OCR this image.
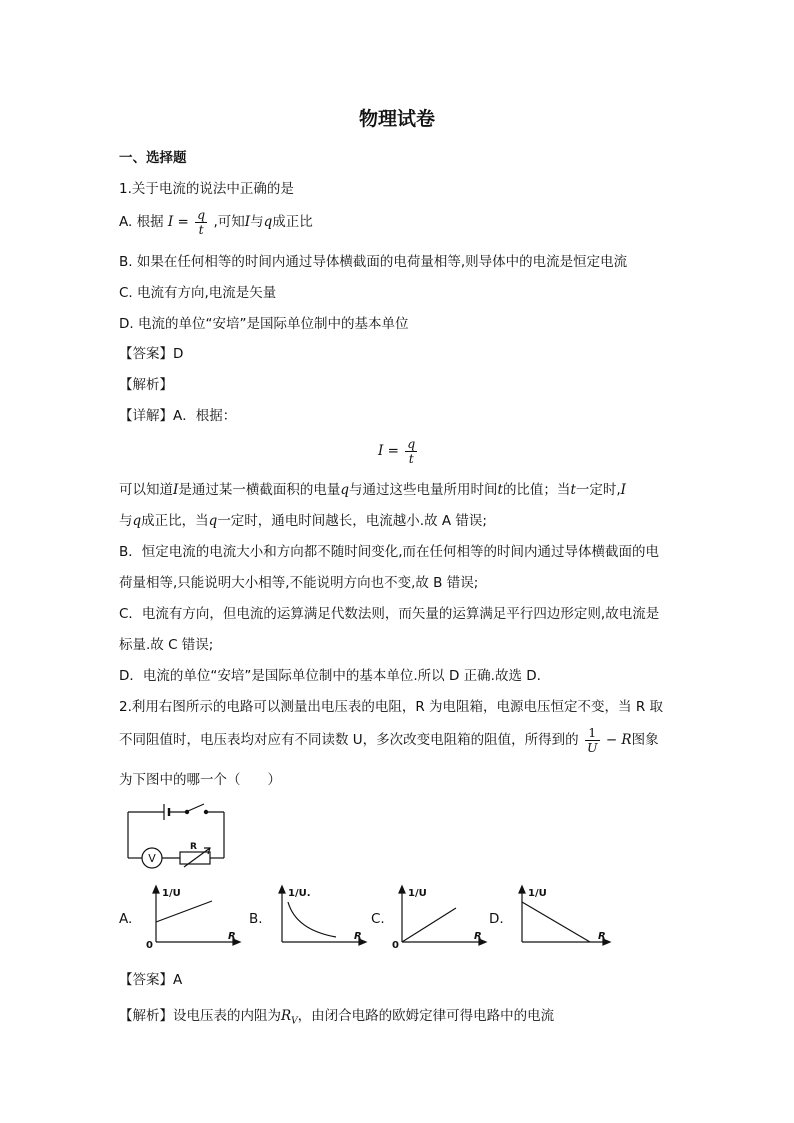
物理试卷
一、选择题
1.关于电流的说法中正确的是
A. 根据 $I = \frac{q}{t}$ ,可知I与q成正比
B. 如果在任何相等的时间内通过导体横截面的电荷量相等,则导体中的电流是恒定电流
C. 电流有方向,电流是矢量
D. 电流的单位“安培”是国际单位制中的基本单位
【答案】D
【解析】
【详解】A．根据：
$I = \frac{q}{t}$
可以知道I是通过某一横截面积的电量q与通过这些电量所用时间t的比值；当t一定时,I
与q成正比，当q一定时，通电时间越长，电流越小.故 A 错误;
B．恒定电流的电流大小和方向都不随时间变化,而在任何相等的时间内通过导体横截面的电
荷量相等,只能说明大小相等,不能说明方向也不变,故 B 错误;
C．电流有方向，但电流的运算满足代数法则，而矢量的运算满足平行四边形定则,故电流是
标量.故 C 错误;
D．电流的单位“安培”是国际单位制中的基本单位.所以 D 正确.故选 D.
2.利用右图所示的电路可以测量出电压表的电阻，R 为电阻箱，电源电压恒定不变，当 R 取
不同阻值时，电压表均对应有不同读数 U，多次改变电阻箱的阻值，所得到的 $\frac{1}{U} - R$图象
为下图中的哪一个（　　）
V
R
A.
1/U
R
0
B.
1/U.
R
C.
1/U
R
0
D.
1/U
R
【答案】A
【解析】设电压表的内阻为$R_V$，由闭合电路的欧姆定律可得电路中的电流
